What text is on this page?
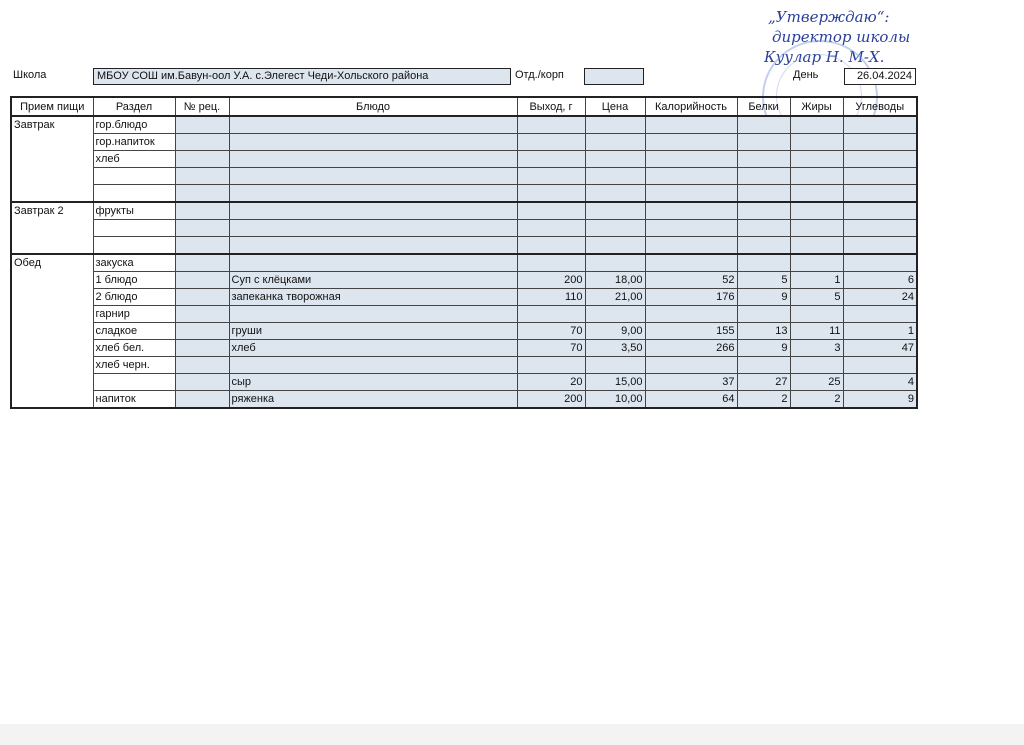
„Утверждаю“:
директор школы
Куулар Н. М-Х.
Школа	МБОУ СОШ им.Бавун-оол У.А. с.Элегест Чеди-Хольского района	Отд./корп	День	26.04.2024
Прием пищи	Раздел	№ рец.	Блюдо	Выход, г	Цена	Калорийность	Белки	Жиры	Углеводы
Завтрак	гор.блюдо								
	гор.напиток								
	хлеб								

Завтрак 2	фрукты								

Обед	закуска								
	1 блюдо		Суп с клёцками	200	18,00	52	5	1	6
	2 блюдо		запеканка творожная	110	21,00	176	9	5	24
	гарнир								
	сладкое		груши	70	9,00	155	13	11	1
	хлеб бел.		хлеб	70	3,50	266	9	3	47
	хлеб черн.								
			сыр	20	15,00	37	27	25	4
	напиток		ряженка	200	10,00	64	2	2	9
